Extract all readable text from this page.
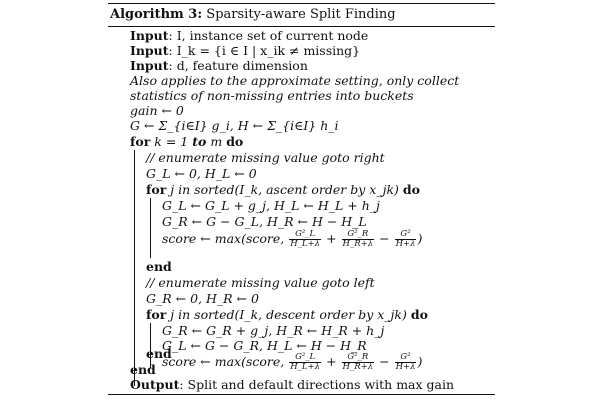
Algorithm 3: Sparsity-aware Split Finding
Input: I, instance set of current node
Input: I_k = {i ∈ I | x_ik ≠ missing}
Input: d, feature dimension
Also applies to the approximate setting, only collect
statistics of non-missing entries into buckets
gain ← 0
G ← Σ_{i∈I} g_i, H ← Σ_{i∈I} h_i
for k = 1 to m do
// enumerate missing value goto right
G_L ← 0, H_L ← 0
for j in sorted(I_k, ascent order by x_jk) do
G_L ← G_L + g_j, H_L ← H_L + h_j
G_R ← G − G_L, H_R ← H − H_L
score ← max(score, $\frac{\text{G²\_L}}{H\_L+\lambda} + \frac{\text{G²\_R}}{H\_R+\lambda} - \frac{\text{G²}}{H+\lambda}$ )
end
// enumerate missing value goto left
G_R ← 0, H_R ← 0
for j in sorted(I_k, descent order by x_jk) do
G_R ← G_R + g_j, H_R ← H_R + h_j
G_L ← G − G_R, H_L ← H − H_R
score ← max(score, $\frac{\text{G²\_L}}{H\_L+\lambda} + \frac{\text{G²\_R}}{H\_R+\lambda} - \frac{\text{G²}}{H+\lambda}$ )
end
end
Output: Split and default directions with max gain
